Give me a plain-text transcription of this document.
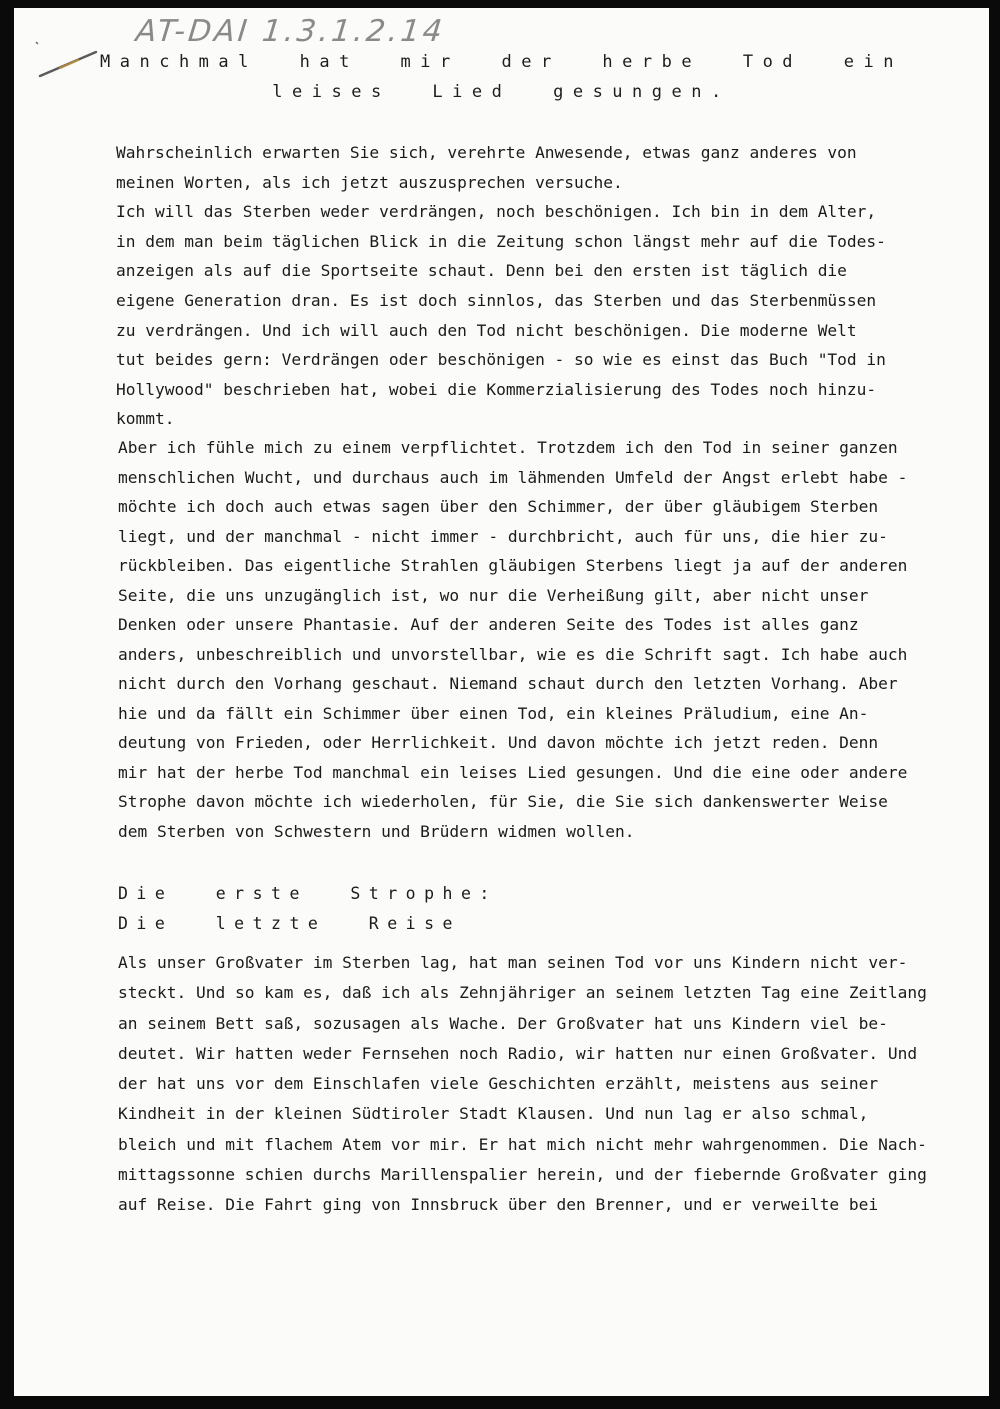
AT-DAI 1.3.1.2.14
Manchmal hat mir der herbe Tod ein
leises Lied gesungen.
Wahrscheinlich erwarten Sie sich, verehrte Anwesende, etwas ganz anderes von
meinen Worten, als ich jetzt auszusprechen versuche.
Ich will das Sterben weder verdrängen, noch beschönigen. Ich bin in dem Alter,
in dem man beim täglichen Blick in die Zeitung schon längst mehr auf die Todes-
anzeigen als auf die Sportseite schaut. Denn bei den ersten ist täglich die
eigene Generation dran. Es ist doch sinnlos, das Sterben und das Sterbenmüssen
zu verdrängen. Und ich will auch den Tod nicht beschönigen. Die moderne Welt
tut beides gern: Verdrängen oder beschönigen - so wie es einst das Buch "Tod in
Hollywood" beschrieben hat, wobei die Kommerzialisierung des Todes noch hinzu-
kommt.
Aber ich fühle mich zu einem verpflichtet. Trotzdem ich den Tod in seiner ganzen
menschlichen Wucht, und durchaus auch im lähmenden Umfeld der Angst erlebt habe -
möchte ich doch auch etwas sagen über den Schimmer, der über gläubigem Sterben
liegt, und der manchmal - nicht immer - durchbricht, auch für uns, die hier zu-
rückbleiben. Das eigentliche Strahlen gläubigen Sterbens liegt ja auf der anderen
Seite, die uns unzugänglich ist, wo nur die Verheißung gilt, aber nicht unser
Denken oder unsere Phantasie. Auf der anderen Seite des Todes ist alles ganz
anders, unbeschreiblich und unvorstellbar, wie es die Schrift sagt. Ich habe auch
nicht durch den Vorhang geschaut. Niemand schaut durch den letzten Vorhang. Aber
hie und da fällt ein Schimmer über einen Tod, ein kleines Präludium, eine An-
deutung von Frieden, oder Herrlichkeit. Und davon möchte ich jetzt reden. Denn
mir hat der herbe Tod manchmal ein leises Lied gesungen. Und die eine oder andere
Strophe davon möchte ich wiederholen, für Sie, die Sie sich dankenswerter Weise
dem Sterben von Schwestern und Brüdern widmen wollen.
Die erste Strophe:
Die letzte Reise
Als unser Großvater im Sterben lag, hat man seinen Tod vor uns Kindern nicht ver-
steckt. Und so kam es, daß ich als Zehnjähriger an seinem letzten Tag eine Zeitlang
an seinem Bett saß, sozusagen als Wache. Der Großvater hat uns Kindern viel be-
deutet. Wir hatten weder Fernsehen noch Radio, wir hatten nur einen Großvater. Und
der hat uns vor dem Einschlafen viele Geschichten erzählt, meistens aus seiner
Kindheit in der kleinen Südtiroler Stadt Klausen. Und nun lag er also schmal,
bleich und mit flachem Atem vor mir. Er hat mich nicht mehr wahrgenommen. Die Nach-
mittagssonne schien durchs Marillenspalier herein, und der fiebernde Großvater ging
auf Reise. Die Fahrt ging von Innsbruck über den Brenner, und er verweilte bei
